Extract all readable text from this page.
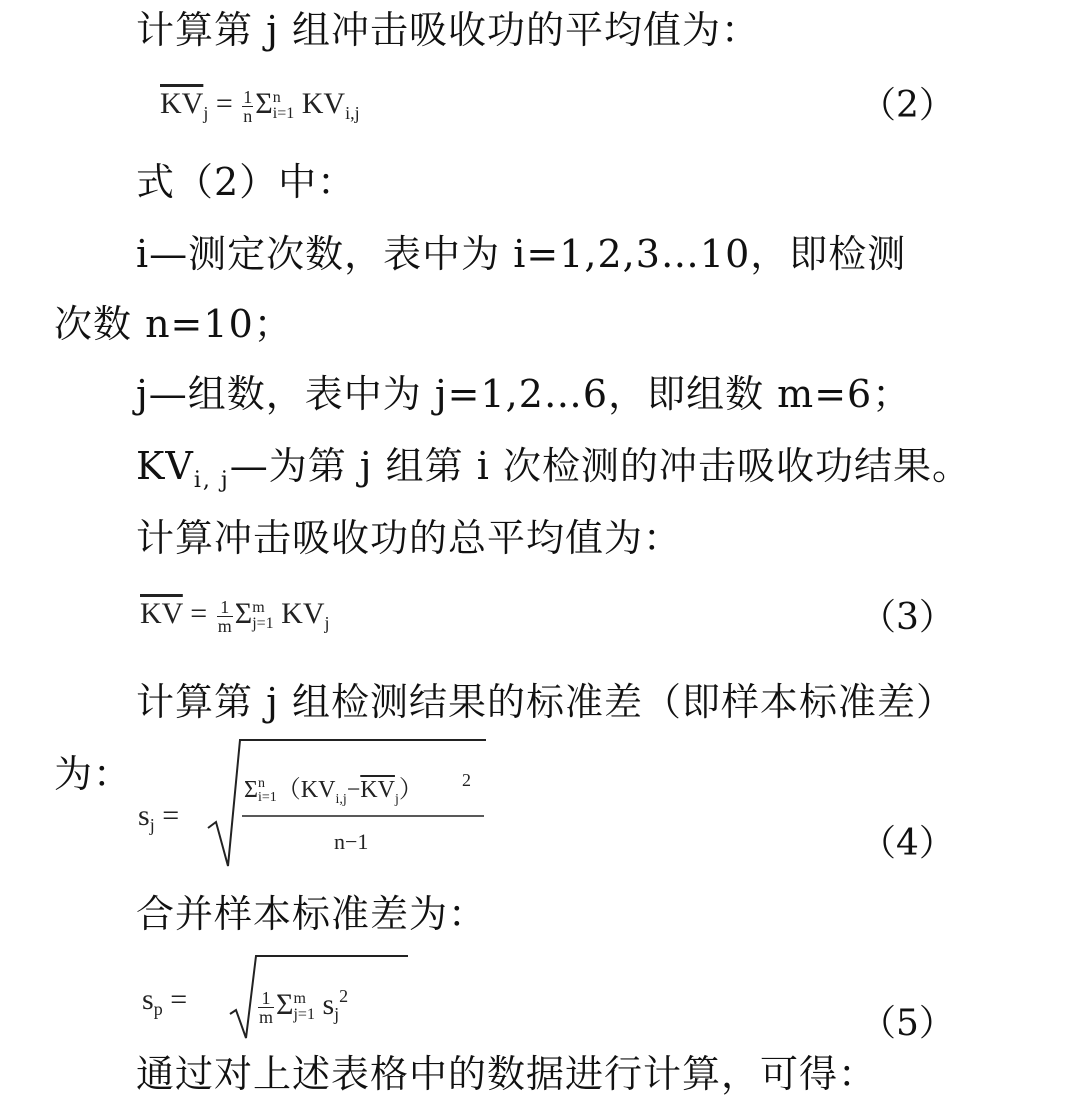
计算第 j 组冲击吸收功的平均值为：
$\overline{KV}_j = \frac{1}{n}$ Σ n
i=1 $KV_{i,j}$	（2）
式（2）中：
i—测定次数，表中为 i=1,2,3…10，即检测
次数 n=10；
j—组数，表中为 j=1,2…6，即组数 m=6；
$KV_{i, j}—$为第 j 组第 i 次检测的冲击吸收功结果。
计算冲击吸收功的总平均值为：
$\overline{KV} = \frac{1}{m}$ Σ m
j=1 $KV_j$	（3）
计算第 j 组检测结果的标准差（即样本标准差）
为：
$s_j$ =
Σ n
i=1 $(KV_{i,j}-\overline{KV}_j)$ 2
n−1	（4）
合并样本标准差为：
$s_p$ =	$\frac{1}{m}$ Σ m
j=1 $s_j^2$
（5）
通过对上述表格中的数据进行计算，可得：
